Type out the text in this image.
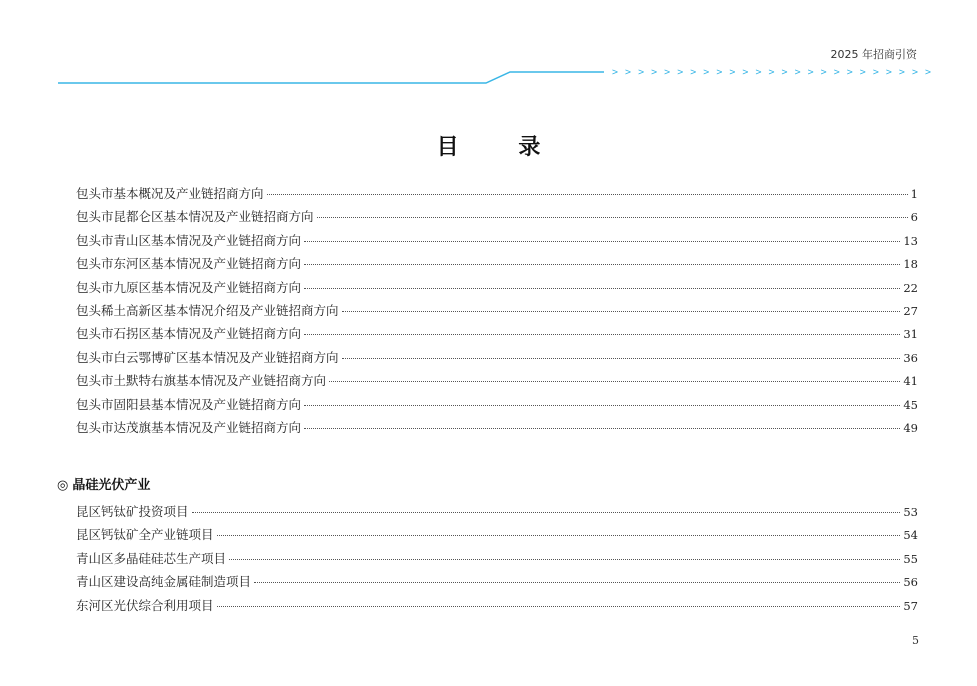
> > > > > > > > > > > > > > > > > > > > > > > > >
2025 年招商引资
目 录
包头市基本概况及产业链招商方向	1
包头市昆都仑区基本情况及产业链招商方向	6
包头市青山区基本情况及产业链招商方向	13
包头市东河区基本情况及产业链招商方向	18
包头市九原区基本情况及产业链招商方向	22
包头稀土高新区基本情况介绍及产业链招商方向	27
包头市石拐区基本情况及产业链招商方向	31
包头市白云鄂博矿区基本情况及产业链招商方向	36
包头市土默特右旗基本情况及产业链招商方向	41
包头市固阳县基本情况及产业链招商方向	45
包头市达茂旗基本情况及产业链招商方向	49
◎ 晶硅光伏产业
昆区钙钛矿投资项目	53
昆区钙钛矿全产业链项目	54
青山区多晶硅硅芯生产项目	55
青山区建设高纯金属硅制造项目	56
东河区光伏综合利用项目	57
5
